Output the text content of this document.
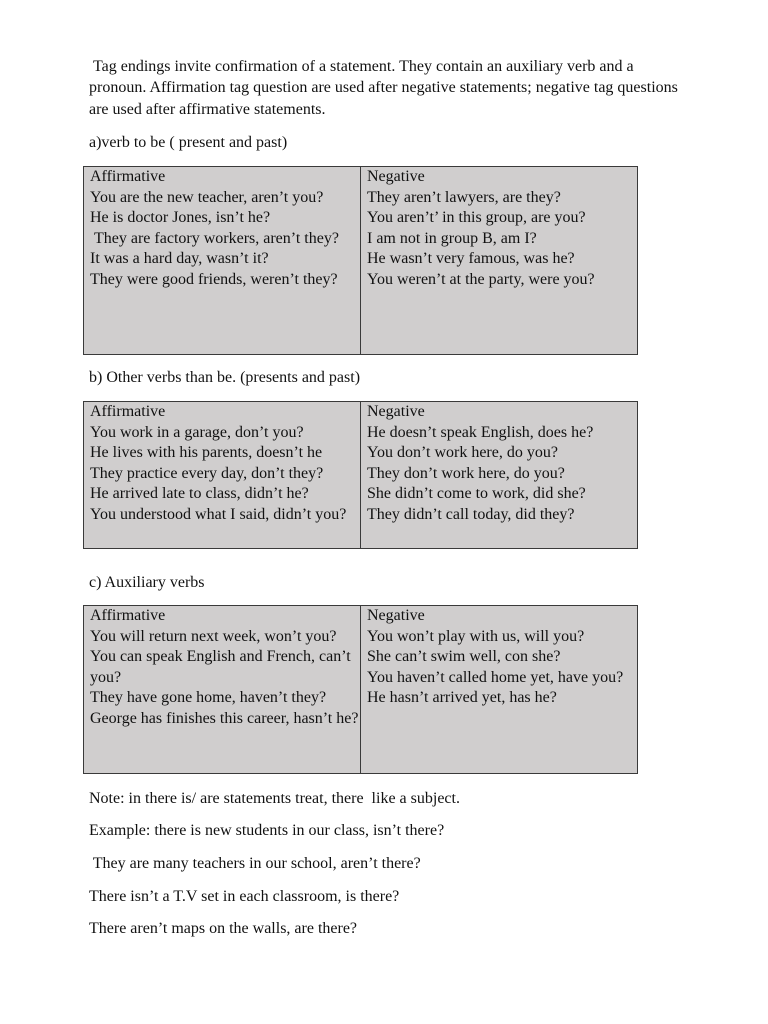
Tag endings invite confirmation of a statement. They contain an auxiliary verb and a pronoun. Affirmation tag question are used after negative statements; negative tag questions are used after affirmative statements.

a)verb to be ( present and past)

Affirmative
You are the new teacher, aren’t you?
He is doctor Jones, isn’t he?
They are factory workers, aren’t they?
It was a hard day, wasn’t it?
They were good friends, weren’t they?

Negative
They aren’t lawyers, are they?
You aren’t’ in this group, are you?
I am not in group B, am I?
He wasn’t very famous, was he?
You weren’t at the party, were you?

b) Other verbs than be. (presents and past)

Affirmative
You work in a garage, don’t you?
He lives with his parents, doesn’t he
They practice every day, don’t they?
He arrived late to class, didn’t he?
You understood what I said, didn’t you?

Negative
He doesn’t speak English, does he?
You don’t work here, do you?
They don’t work here, do you?
She didn’t come to work, did she?
They didn’t call today, did they?

c) Auxiliary verbs

Affirmative
You will return next week, won’t you?
You can speak English and French, can’t you?
They have gone home, haven’t they?
George has finishes this career, hasn’t he?

Negative
You won’t play with us, will you?
She can’t swim well, con she?
You haven’t called home yet, have you?
He hasn’t arrived yet, has he?

Note: in there is/ are statements treat, there  like a subject.

Example: there is new students in our class, isn’t there?

They are many teachers in our school, aren’t there?

There isn’t a T.V set in each classroom, is there?

There aren’t maps on the walls, are there?
